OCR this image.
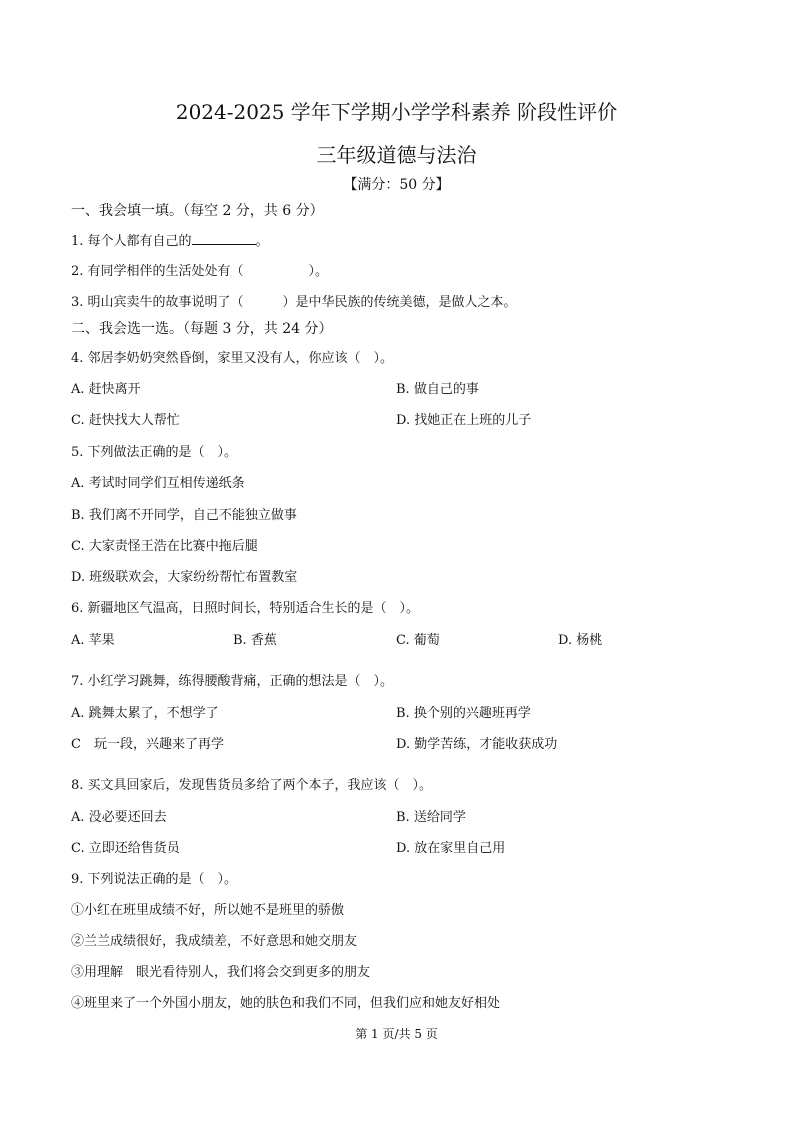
2024-2025 学年下学期小学学科素养 阶段性评价
三年级道德与法治
【满分：50 分】
一、我会填一填。（每空 2 分，共 6 分）
1. 每个人都有自己的	。
2. 有同学相伴的生活处处有（　　　　　）。
3. 明山宾卖牛的故事说明了（　　　）是中华民族的传统美德，是做人之本。
二、我会选一选。（每题 3 分，共 24 分）
4. 邻居李奶奶突然昏倒，家里又没有人，你应该（　）。
A. 赶快离开	B. 做自己的事
C. 赶快找大人帮忙	D. 找她正在上班的儿子
5. 下列做法正确的是（　）。
A. 考试时同学们互相传递纸条
B. 我们离不开同学，自己不能独立做事
C. 大家责怪王浩在比赛中拖后腿
D. 班级联欢会，大家纷纷帮忙布置教室
6. 新疆地区气温高，日照时间长，特别适合生长的是（　）。
A. 苹果	B. 香蕉	C. 葡萄	D. 杨桃
7. 小红学习跳舞，练得腰酸背痛，正确的想法是（　）。
A. 跳舞太累了，不想学了	B. 换个别的兴趣班再学
C　玩一段，兴趣来了再学	D. 勤学苦练，才能收获成功
8. 买文具回家后，发现售货员多给了两个本子，我应该（　）。
A. 没必要还回去	B. 送给同学
C. 立即还给售货员	D. 放在家里自己用
9. 下列说法正确的是（　）。
①小红在班里成绩不好，所以她不是班里的骄傲
②兰兰成绩很好，我成绩差，不好意思和她交朋友
③用理解　眼光看待别人，我们将会交到更多的朋友
④班里来了一个外国小朋友，她的肤色和我们不同，但我们应和她友好相处
第 1 页/共 5 页
